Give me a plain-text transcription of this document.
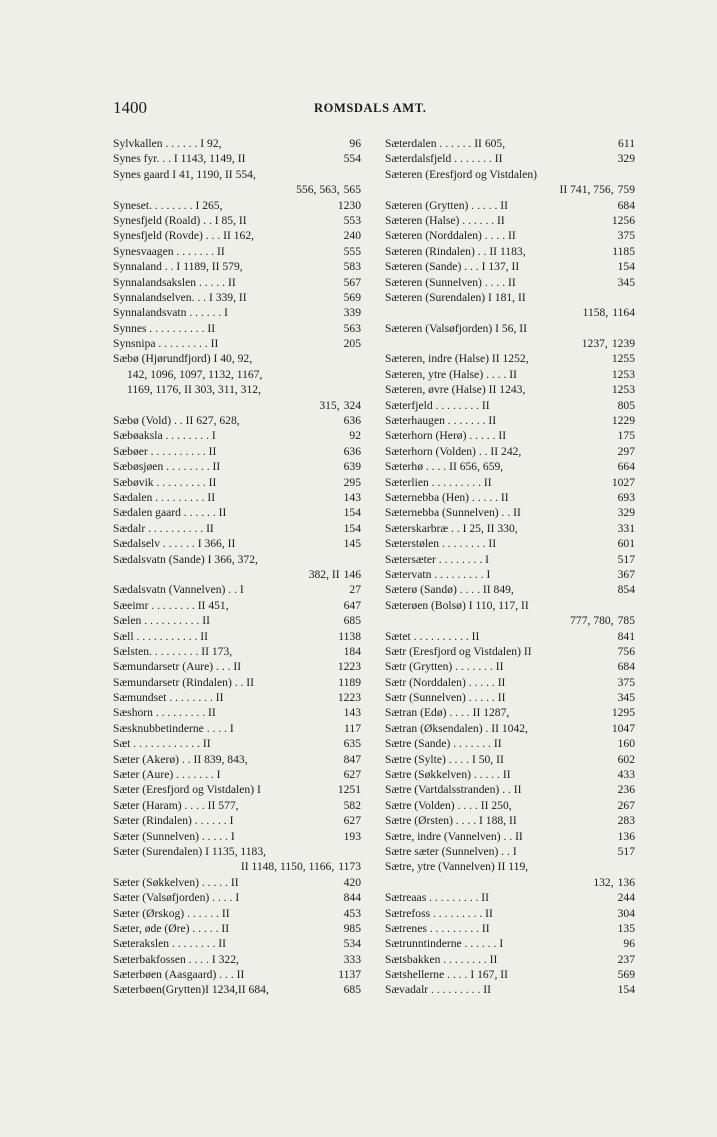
1400	ROMSDALS AMT.
Sylvkallen . . . . . . I 92,	96
Synes fyr. . . I 1143, 1149, II	554
Synes gaard I 41, 1190, II 554,
556, 563, 565
Syneset. . . . . . . . I 265,	1230
Synesfjeld (Roald) . . I 85, II	553
Synesfjeld (Rovde) . . . II 162,	240
Synesvaagen . . . . . . . II	555
Synnaland . . I 1189, II 579,	583
Synnalandsakslen . . . . . II	567
Synnalandselven. . . I 339, II	569
Synnalandsvatn . . . . . . I	339
Synnes . . . . . . . . . . II	563
Synsnipa . . . . . . . . . II	205
Sæbø (Hjørundfjord) I 40, 92,
142, 1096, 1097, 1132, 1167,
1169, 1176, II 303, 311, 312,
315, 324
Sæbø (Vold) . . II 627, 628,	636
Sæbøaksla . . . . . . . . I	92
Sæbøer . . . . . . . . . . II	636
Sæbøsjøen . . . . . . . . II	639
Sæbøvik . . . . . . . . . II	295
Sædalen . . . . . . . . . II	143
Sædalen gaard . . . . . . II	154
Sædalr . . . . . . . . . . II	154
Sædalselv . . . . . . I 366, II	145
Sædalsvatn (Sande) I 366, 372,
382, II 146
Sædalsvatn (Vannelven) . . I	27
Sæeimr . . . . . . . . II 451,	647
Sælen . . . . . . . . . . II	685
Sæll . . . . . . . . . . . II	1138
Sælsten. . . . . . . . . II 173,	184
Sæmundarsetr (Aure) . . . II	1223
Sæmundarsetr (Rindalen) . . II	1189
Sæmundset . . . . . . . . II	1223
Sæshorn . . . . . . . . . II	143
Sæsknubbetinderne . . . . I	117
Sæt . . . . . . . . . . . . II	635
Sæter (Akerø) . . II 839, 843,	847
Sæter (Aure) . . . . . . . I	627
Sæter (Eresfjord og Vistdalen) I	1251
Sæter (Haram) . . . . II 577,	582
Sæter (Rindalen) . . . . . . I	627
Sæter (Sunnelven) . . . . . I	193
Sæter (Surendalen) I 1135, 1183,
II 1148, 1150, 1166, 1173
Sæter (Søkkelven) . . . . . II	420
Sæter (Valsøfjorden) . . . . I	844
Sæter (Ørskog) . . . . . . II	453
Sæter, øde (Øre) . . . . . II	985
Sæterakslen . . . . . . . . II	534
Sæterbakfossen . . . . I 322,	333
Sæterbøen (Aasgaard) . . . II	1137
Sæterbøen(Grytten)I 1234,II 684,	685
Sæterdalen . . . . . . II 605,	611
Sæterdalsfjeld . . . . . . . II	329
Sæteren (Eresfjord og Vistdalen)
II 741, 756, 759
Sæteren (Grytten) . . . . . II	684
Sæteren (Halse) . . . . . . II	1256
Sæteren (Norddalen) . . . . II	375
Sæteren (Rindalen) . . II 1183,	1185
Sæteren (Sande) . . . I 137, II	154
Sæteren (Sunnelven) . . . . II	345
Sæteren (Surendalen) I 181, II
1158, 1164
Sæteren (Valsøfjorden) I 56, II
1237, 1239
Sæteren, indre (Halse) II 1252,	1255
Sæteren, ytre (Halse) . . . . II	1253
Sæteren, øvre (Halse) II 1243,	1253
Sæterfjeld . . . . . . . . II	805
Sæterhaugen . . . . . . . II	1229
Sæterhorn (Herø) . . . . . II	175
Sæterhorn (Volden) . . II 242,	297
Sæterhø . . . . II 656, 659,	664
Sæterlien . . . . . . . . . II	1027
Sæternebba (Hen) . . . . . II	693
Sæternebba (Sunnelven) . . II	329
Sæterskarbræ . . I 25, II 330,	331
Sæterstølen . . . . . . . . II	601
Sætersæter . . . . . . . . I	517
Sætervatn . . . . . . . . . I	367
Sæterø (Sandø) . . . . II 849,	854
Sæterøen (Bolsø) I 110, 117, II
777, 780, 785
Sætet . . . . . . . . . . II	841
Sætr (Eresfjord og Vistdalen) II	756
Sætr (Grytten) . . . . . . . II	684
Sætr (Norddalen) . . . . . II	375
Sætr (Sunnelven) . . . . . II	345
Sætran (Edø) . . . . II 1287,	1295
Sætran (Øksendalen) . II 1042,	1047
Sætre (Sande) . . . . . . . II	160
Sætre (Sylte) . . . . I 50, II	602
Sætre (Søkkelven) . . . . . II	433
Sætre (Vartdalsstranden) . . II	236
Sætre (Volden) . . . . II 250,	267
Sætre (Ørsten) . . . . I 188, II	283
Sætre, indre (Vannelven) . . II	136
Sætre sæter (Sunnelven) . . I	517
Sætre, ytre (Vannelven) II 119,
132, 136
Sætreaas . . . . . . . . . II	244
Sætrefoss . . . . . . . . . II	304
Sætrenes . . . . . . . . . II	135
Sætrunntinderne . . . . . . I	96
Sætsbakken . . . . . . . . II	237
Sætshellerne . . . . I 167, II	569
Sævadalr . . . . . . . . . II	154
